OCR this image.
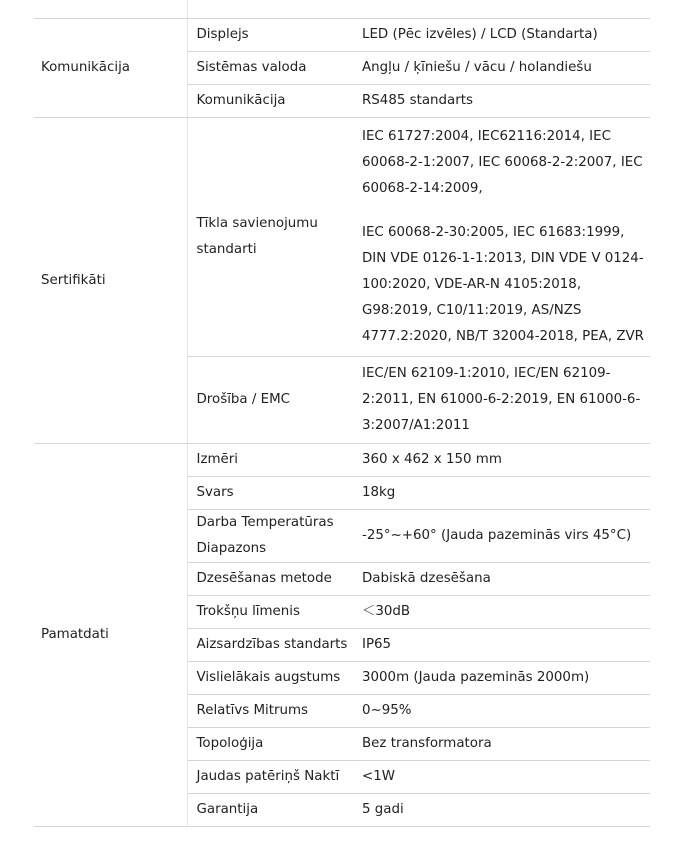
Komunikācija	Displejs	LED (Pēc izvēles) / LCD (Standarta)
	Sistēmas valoda	Angļu / ķīniešu / vācu / holandiešu
	Komunikācija	RS485 standarts
Sertifikāti	Tīkla savienojumu standarti	IEC 61727:2004, IEC62116:2014, IEC 60068-2-1:2007, IEC 60068-2-2:2007, IEC 60068-2-14:2009,

IEC 60068-2-30:2005, IEC 61683:1999, DIN VDE 0126-1-1:2013, DIN VDE V 0124-100:2020, VDE-AR-N 4105:2018, G98:2019, C10/11:2019, AS/NZS 4777.2:2020, NB/T 32004-2018, PEA, ZVR

	Drošība / EMC	IEC/EN 62109-1:2010, IEC/EN 62109-2:2011, EN 61000-6-2:2019, EN 61000-6-3:2007/A1:2011
Pamatdati	Izmēri	360 x 462 x 150 mm
	Svars	18kg
	Darba Temperatūras Diapazons	-25°~+60° (Jauda pazeminās virs 45°C)
	Dzesēšanas metode	Dabiskā dzesēšana
	Trokšņu līmenis	＜30dB
	Aizsardzības standarts	IP65
	Vislielākais augstums	3000m (Jauda pazeminās 2000m)
	Relatīvs Mitrums	0~95%
	Topoloģija	Bez transformatora
	Jaudas patēriņš Naktī	<1W
	Garantija	5 gadi
